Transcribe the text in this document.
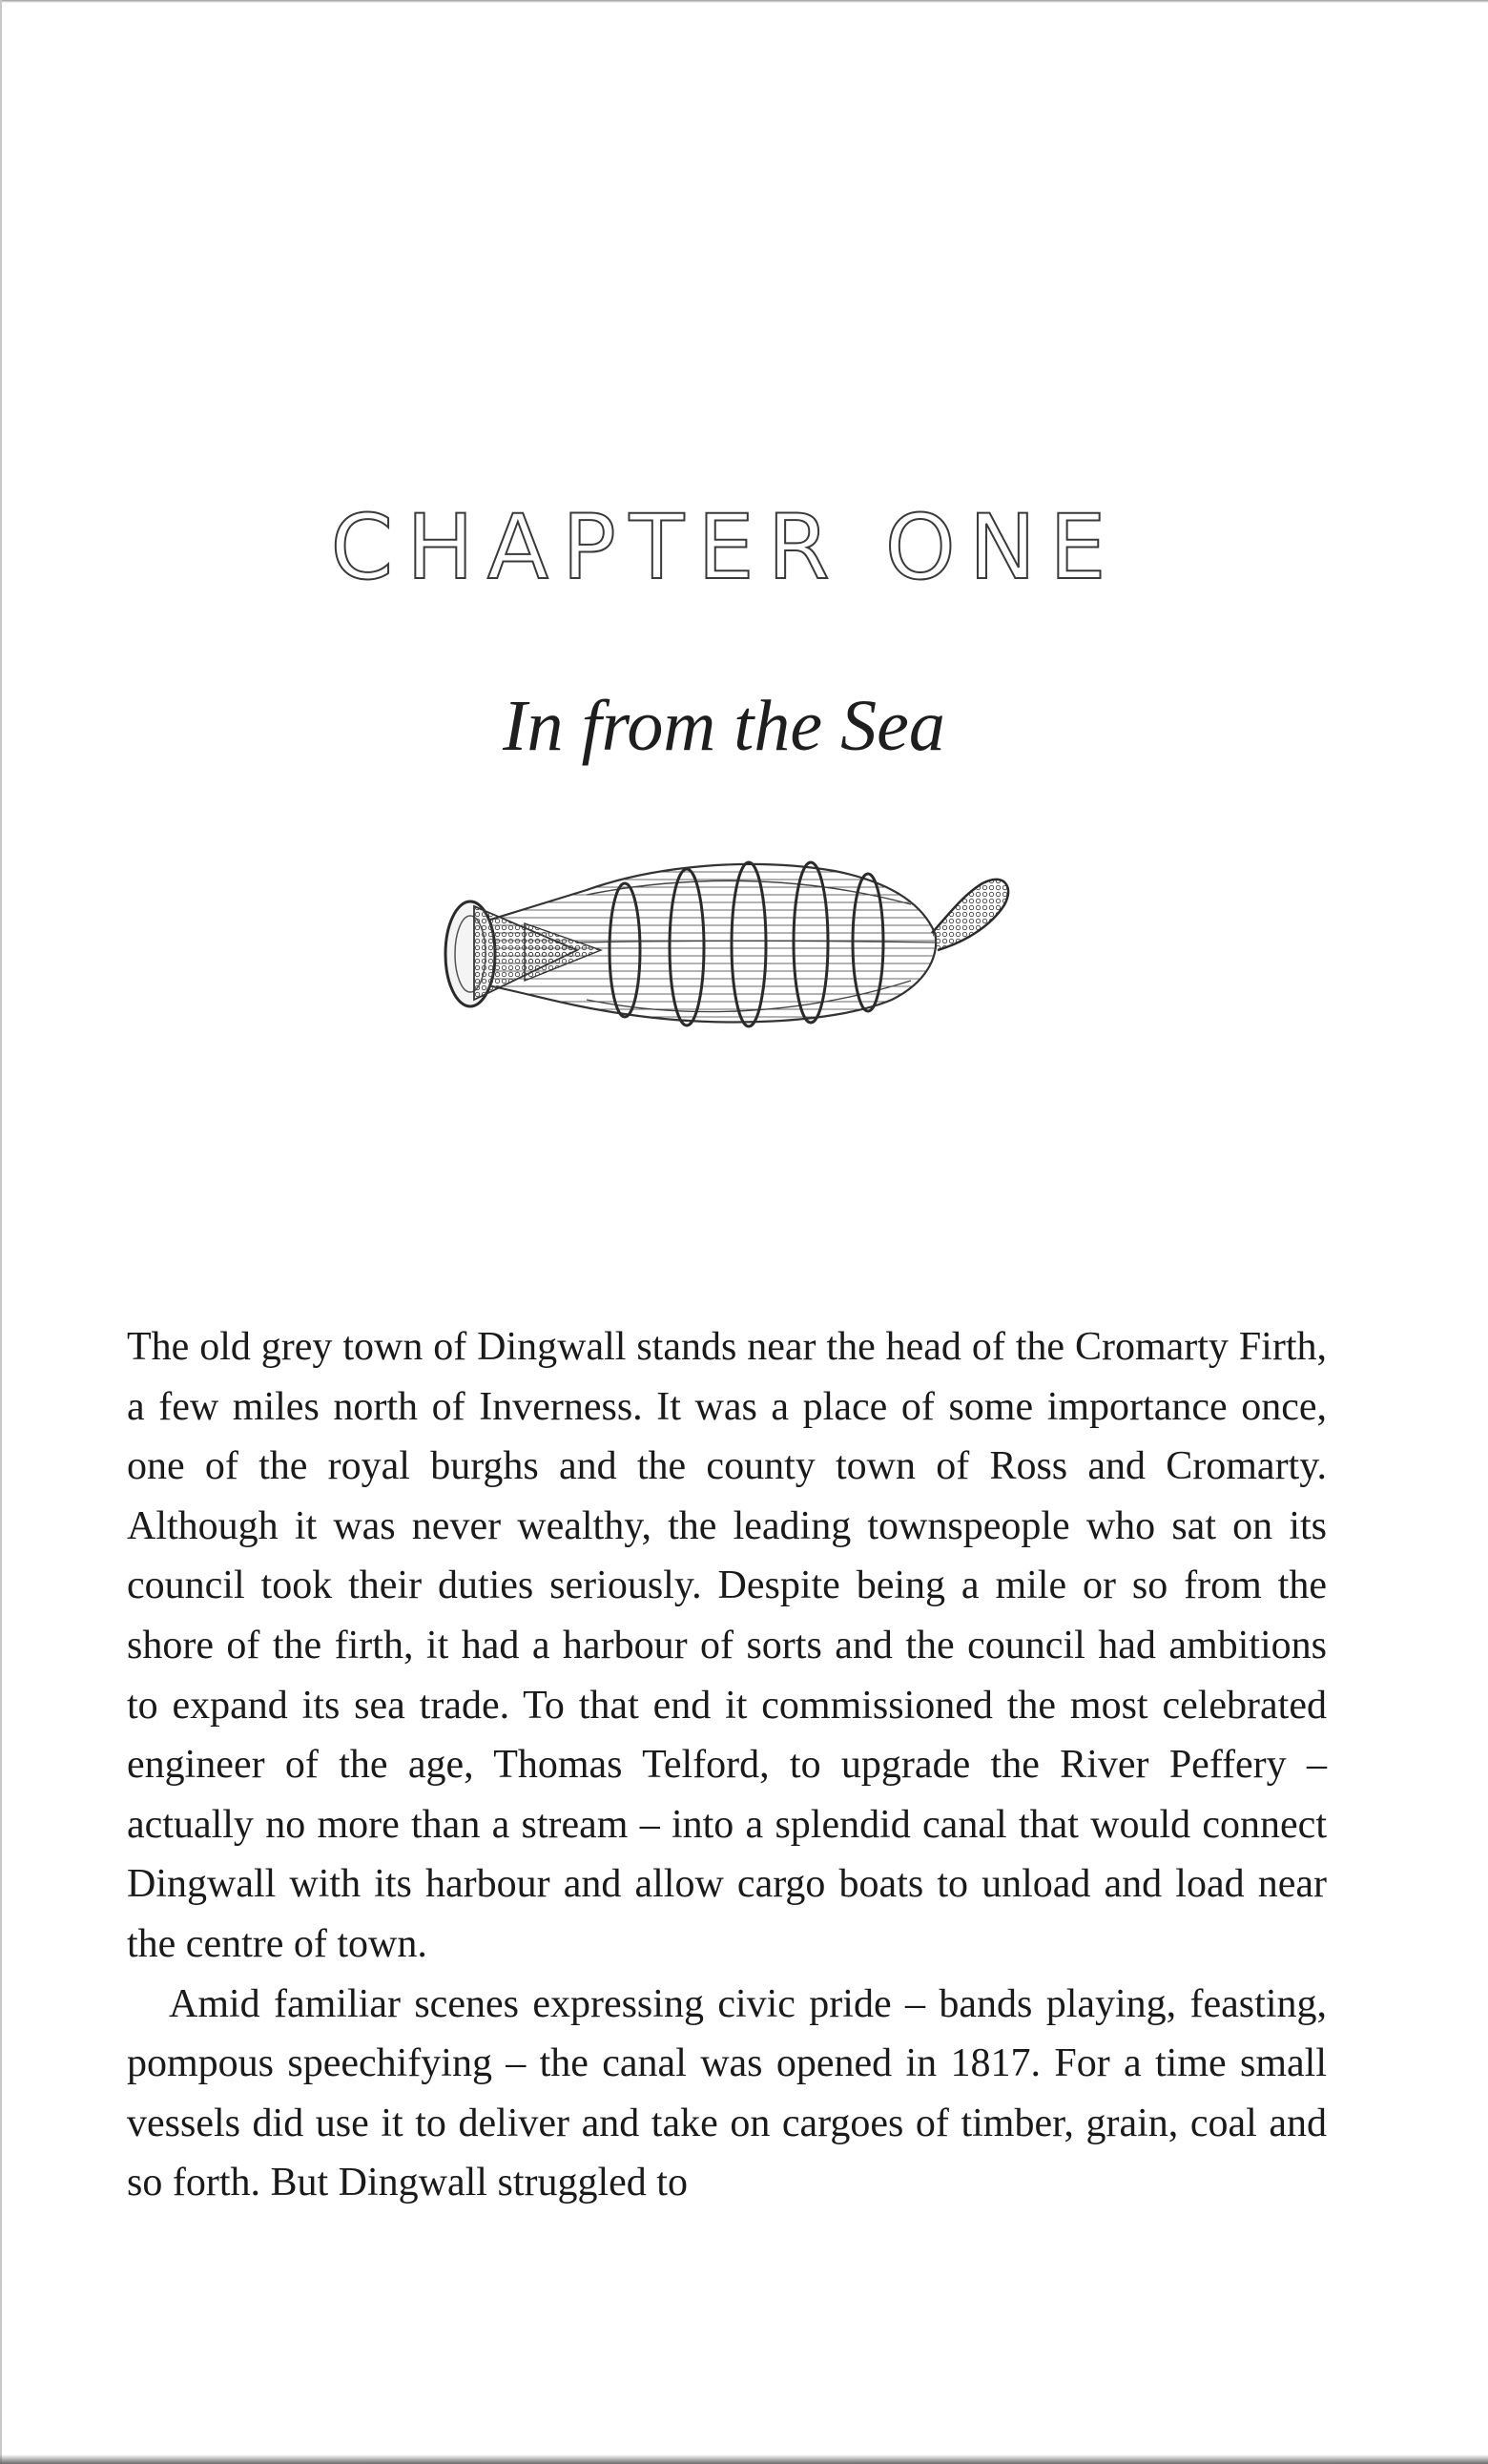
CHAPTER ONE
In from the Sea

The old grey town of Dingwall stands near the head of the Cromarty Firth, a few miles north of Inverness. It was a place of some importance once, one of the royal burghs and the county town of Ross and Cromarty. Although it was never wealthy, the leading townspeople who sat on its council took their duties seriously. Despite being a mile or so from the shore of the firth, it had a harbour of sorts and the council had ambitions to expand its sea trade. To that end it commissioned the most celebrated engineer of the age, Thomas Telford, to upgrade the River Peffery – actually no more than a stream – into a splendid canal that would connect Dingwall with its harbour and allow cargo boats to unload and load near the centre of town.

Amid familiar scenes expressing civic pride – bands playing, feasting, pompous speechifying – the canal was opened in 1817. For a time small vessels did use it to deliver and take on cargoes of timber, grain, coal and so forth. But Dingwall struggled to
